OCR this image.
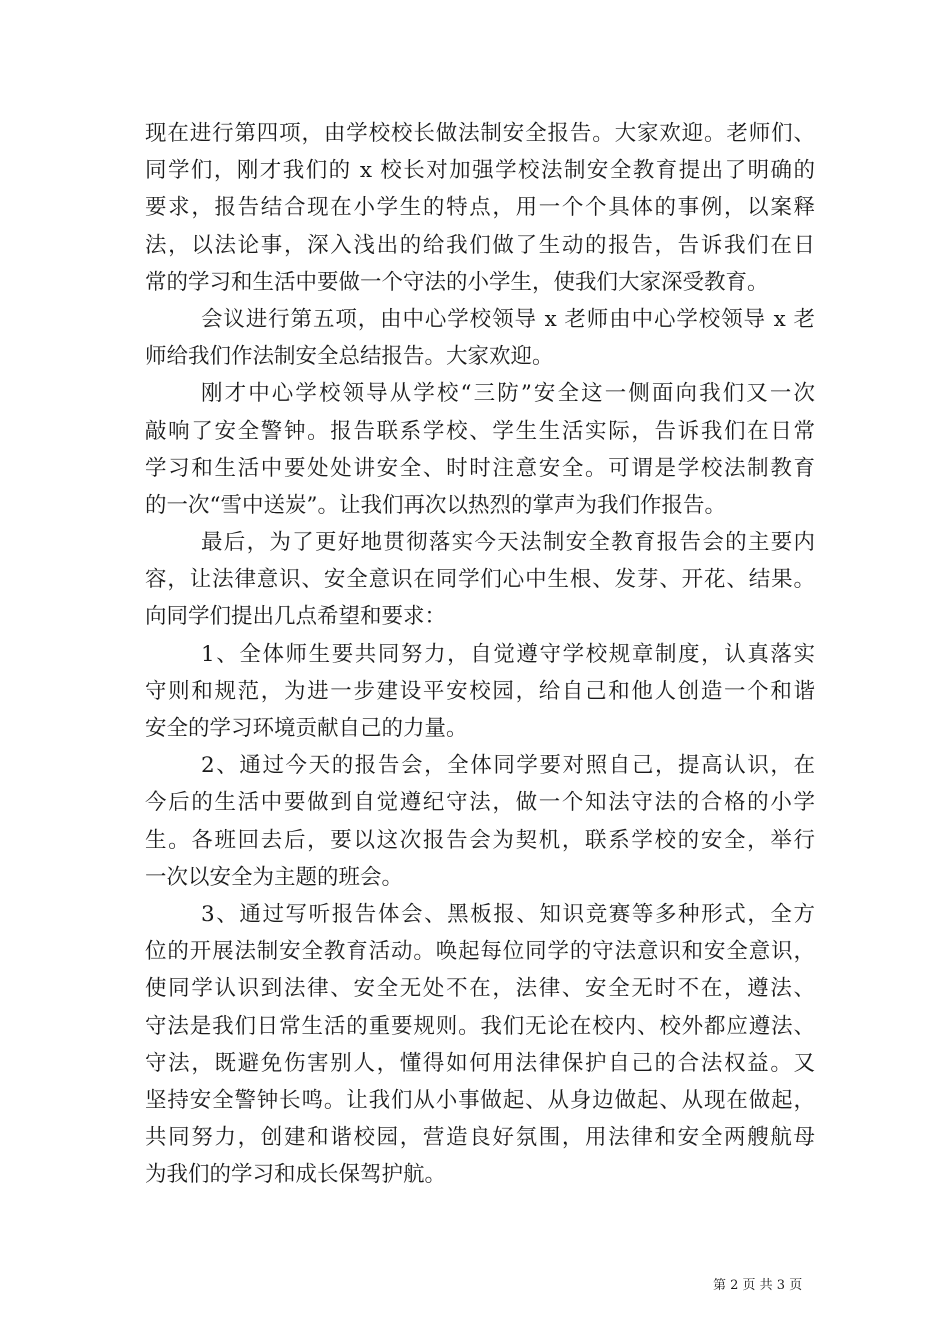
现在进行第四项，由学校校长做法制安全报告。大家欢迎。老师们、
同学们，刚才我们的 x 校长对加强学校法制安全教育提出了明确的
要求，报告结合现在小学生的特点，用一个个具体的事例，以案释
法，以法论事，深入浅出的给我们做了生动的报告，告诉我们在日
常的学习和生活中要做一个守法的小学生，使我们大家深受教育。
会议进行第五项，由中心学校领导 x 老师由中心学校领导 x 老
师给我们作法制安全总结报告。大家欢迎。
刚才中心学校领导从学校“三防”安全这一侧面向我们又一次
敲响了安全警钟。报告联系学校、学生生活实际，告诉我们在日常
学习和生活中要处处讲安全、时时注意安全。可谓是学校法制教育
的一次“雪中送炭”。让我们再次以热烈的掌声为我们作报告。
最后，为了更好地贯彻落实今天法制安全教育报告会的主要内
容，让法律意识、安全意识在同学们心中生根、发芽、开花、结果。
向同学们提出几点希望和要求：
1、全体师生要共同努力，自觉遵守学校规章制度，认真落实
守则和规范，为进一步建设平安校园，给自己和他人创造一个和谐
安全的学习环境贡献自己的力量。
2、通过今天的报告会，全体同学要对照自己，提高认识，在
今后的生活中要做到自觉遵纪守法，做一个知法守法的合格的小学
生。各班回去后，要以这次报告会为契机，联系学校的安全，举行
一次以安全为主题的班会。
3、通过写听报告体会、黑板报、知识竞赛等多种形式，全方
位的开展法制安全教育活动。唤起每位同学的守法意识和安全意识，
使同学认识到法律、安全无处不在，法律、安全无时不在，遵法、
守法是我们日常生活的重要规则。我们无论在校内、校外都应遵法、
守法，既避免伤害别人，懂得如何用法律保护自己的合法权益。又
坚持安全警钟长鸣。让我们从小事做起、从身边做起、从现在做起，
共同努力，创建和谐校园，营造良好氛围，用法律和安全两艘航母
为我们的学习和成长保驾护航。
第 2 页 共 3 页
